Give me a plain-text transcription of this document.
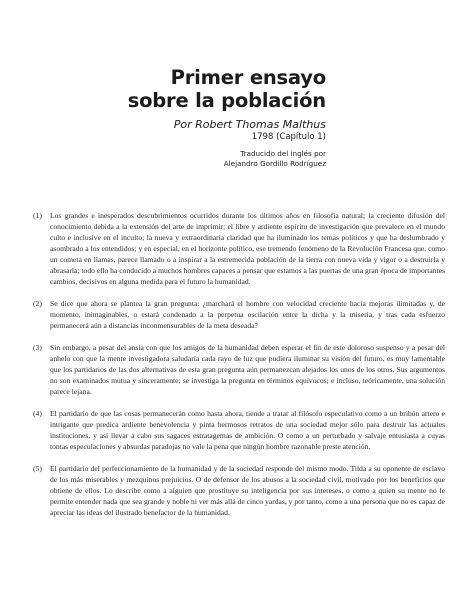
Primer ensayo
sobre la población
Por Robert Thomas Malthus
1798 (Capítulo 1)
Traducido del inglés por
Alejandro Gordillo Rodríguez
(1) Los grandes e inesperados descubrimientos ocurridos durante los últimos años en filosofía natural; la creciente difusión del conocimiento debida a la extensión del arte de imprimir; el libre y ardiente espíritu de investigación que prevalece en el mundo culto e inclusive en el inculto; la nueva y extraordinaria claridad que ha iluminado los temas políticos y que ha deslumbrado y asombrado a los entendidos; y en especial, en el horizonte político, ese tremendo fenómeno de la Revolución Francesa que, como un cometa en llamas, parece llamado o a inspirar a la estremecida población de la tierra con nueva vida y vigor o a destruirla y abrasarla; todo ello ha conducido a muchos hombres capaces a pensar que estamos a las puertas de una gran época de importantes cambios, decisivos en alguna medida para el futuro la humanidad.
(2) Se dice que ahora se plantea la gran pregunta: ¿marchará el hombre con velocidad creciente hacia mejoras ilimitadas y, de momento, inimaginables, o estará condenado a la perpetua oscilación entre la dicha y la miseria, y tras cada esfuerzo permanecerá aún a distancias inconmensurables de la meta deseada?
(3) Sin embargo, a pesar del ansia con que los amigos de la humanidad deben esperar el fin de este doloroso suspenso y a pesar del anhelo con que la mente investigadora saludaría cada rayo de luz que pudiera iluminar su visión del futuro, es muy lamentable que los partidarios de las dos alternativas de esta gran pregunta aún permanezcan alejados los unos de los otros. Sus argumentos no son examinados mutua y sinceramente; se investiga la pregunta en términos equívocos; e incluso, teóricamente, una solución parece lejana.
(4) El partidario de que las cosas permanecerán como hasta ahora, tiende a tratar al filósofo especulativo como a un bribón artero e intrigante que predica ardiente benevolencia y pinta hermosos retratos de una sociedad mejor sólo para destruir las actuales instituciones, y así llevar a cabo sus sagaces estratagemas de ambición. O como a un perturbado y salvaje entusiasta a cuyas tontas especulaciones y absurdas paradojas no vale la pena que ningún hombre razonable preste atención.
(5) El partidario del perfeccionamiento de la humanidad y de la sociedad responde del mismo modo. Tilda a su oponente de esclavo de los más miserables y mezquinos prejuicios. O de defensor de los abusos a la sociedad civil, motivado por los beneficios que obtiene de ellos. Lo describe como a alguien que prostituye su inteligencia por sus intereses, o como a quien su mente no le permite entender nada que sea grande y noble ni ver más allá de cinco yardas, y por tanto, como a una persona que no es capaz de apreciar las ideas del ilustrado benefactor de la humanidad.
